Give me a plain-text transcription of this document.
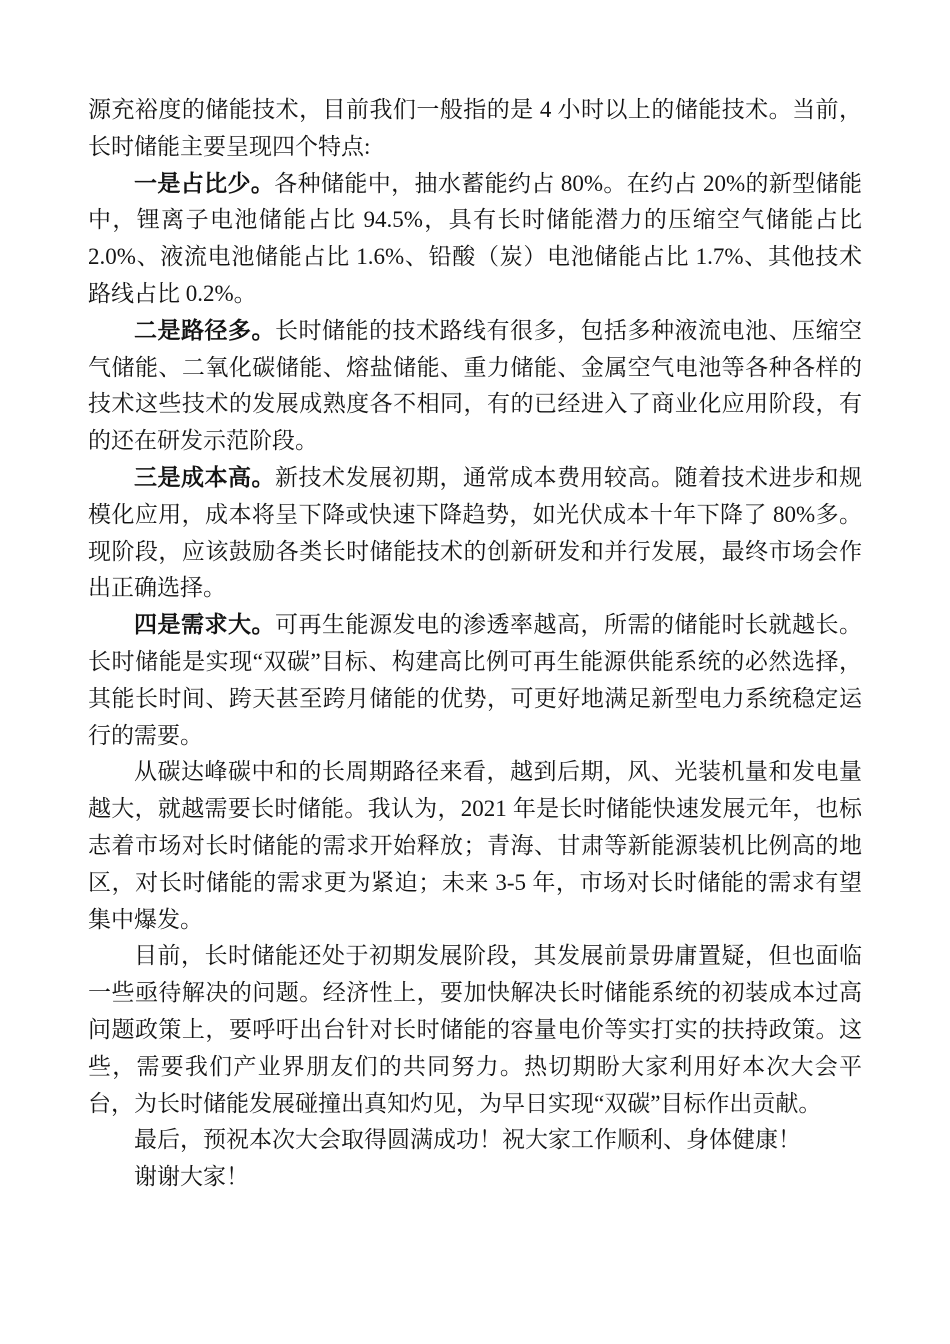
源充裕度的储能技术，目前我们一般指的是 4 小时以上的储能技术。当前，长时储能主要呈现四个特点:

一是占比少。各种储能中，抽水蓄能约占 80%。在约占 20%的新型储能中，锂离子电池储能占比 94.5%，具有长时储能潜力的压缩空气储能占比 2.0%、液流电池储能占比 1.6%、铅酸（炭）电池储能占比 1.7%、其他技术路线占比 0.2%。

二是路径多。长时储能的技术路线有很多，包括多种液流电池、压缩空气储能、二氧化碳储能、熔盐储能、重力储能、金属空气电池等各种各样的技术这些技术的发展成熟度各不相同，有的已经进入了商业化应用阶段，有的还在研发示范阶段。

三是成本高。新技术发展初期，通常成本费用较高。随着技术进步和规模化应用，成本将呈下降或快速下降趋势，如光伏成本十年下降了 80%多。现阶段，应该鼓励各类长时储能技术的创新研发和并行发展，最终市场会作出正确选择。

四是需求大。可再生能源发电的渗透率越高，所需的储能时长就越长。长时储能是实现“双碳”目标、构建高比例可再生能源供能系统的必然选择，其能长时间、跨天甚至跨月储能的优势，可更好地满足新型电力系统稳定运行的需要。

从碳达峰碳中和的长周期路径来看，越到后期，风、光装机量和发电量越大，就越需要长时储能。我认为，2021 年是长时储能快速发展元年，也标志着市场对长时储能的需求开始释放；青海、甘肃等新能源装机比例高的地区，对长时储能的需求更为紧迫；未来 3-5 年，市场对长时储能的需求有望集中爆发。

目前，长时储能还处于初期发展阶段，其发展前景毋庸置疑，但也面临一些亟待解决的问题。经济性上，要加快解决长时储能系统的初装成本过高问题政策上，要呼吁出台针对长时储能的容量电价等实打实的扶持政策。这些，需要我们产业界朋友们的共同努力。热切期盼大家利用好本次大会平台，为长时储能发展碰撞出真知灼见，为早日实现“双碳”目标作出贡献。

最后，预祝本次大会取得圆满成功！祝大家工作顺利、身体健康！

谢谢大家！
